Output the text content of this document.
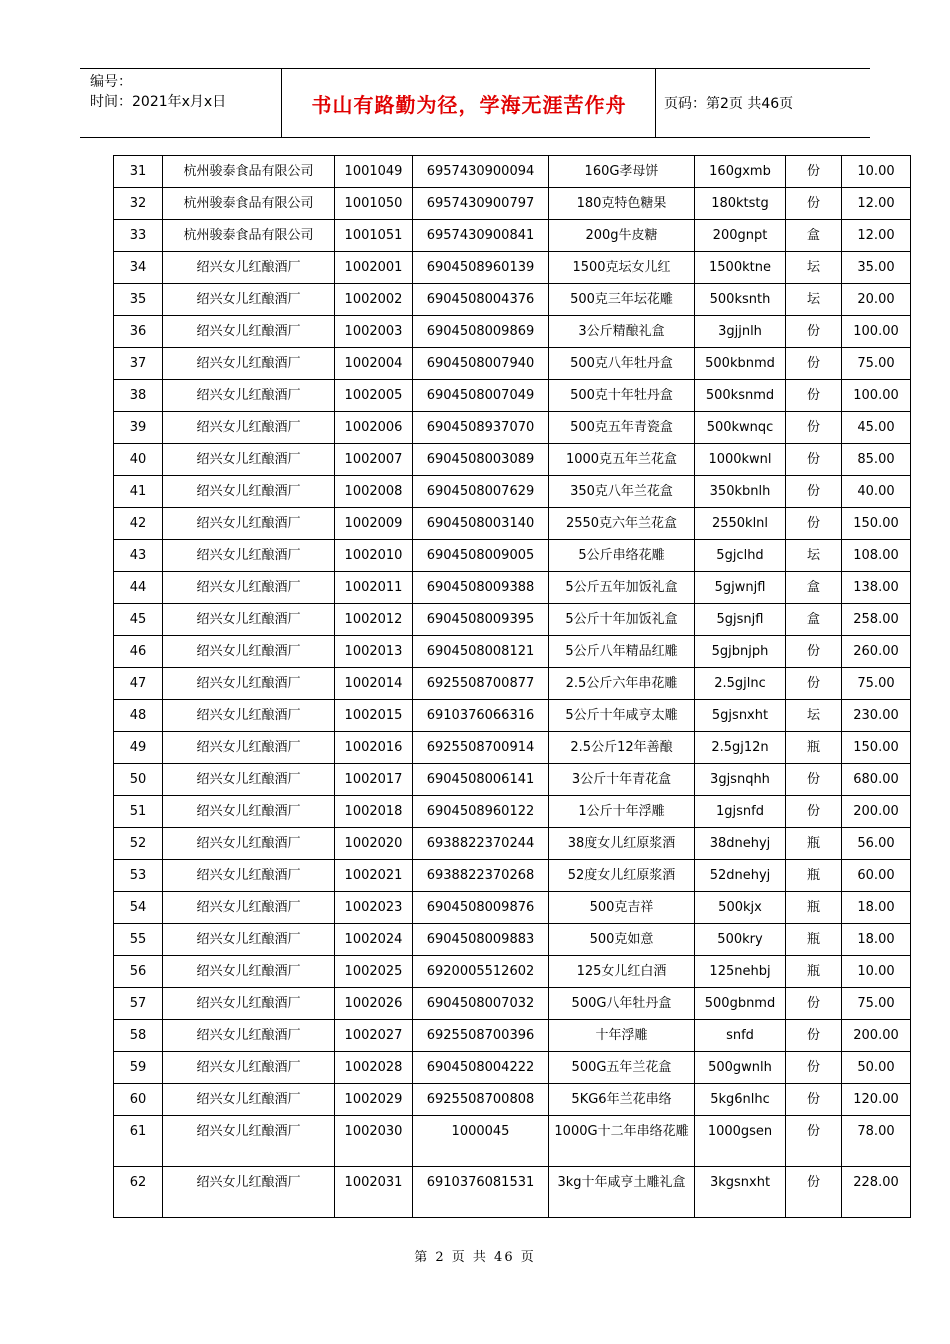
编号：
时间：2021年x月x日	书山有路勤为径，学海无涯苦作舟	页码：第2页 共46页
31	杭州骏泰食品有限公司	1001049	6957430900094	160G孝母饼	160gxmb	份	10.00
32	杭州骏泰食品有限公司	1001050	6957430900797	180克特色糖果	180ktstg	份	12.00
33	杭州骏泰食品有限公司	1001051	6957430900841	200g牛皮糖	200gnpt	盒	12.00
34	绍兴女儿红酿酒厂	1002001	6904508960139	1500克坛女儿红	1500ktne	坛	35.00
35	绍兴女儿红酿酒厂	1002002	6904508004376	500克三年坛花雕	500ksnth	坛	20.00
36	绍兴女儿红酿酒厂	1002003	6904508009869	3公斤精酿礼盒	3gjjnlh	份	100.00
37	绍兴女儿红酿酒厂	1002004	6904508007940	500克八年牡丹盒	500kbnmd	份	75.00
38	绍兴女儿红酿酒厂	1002005	6904508007049	500克十年牡丹盒	500ksnmd	份	100.00
39	绍兴女儿红酿酒厂	1002006	6904508937070	500克五年青瓷盒	500kwnqc	份	45.00
40	绍兴女儿红酿酒厂	1002007	6904508003089	1000克五年兰花盒	1000kwnl	份	85.00
41	绍兴女儿红酿酒厂	1002008	6904508007629	350克八年兰花盒	350kbnlh	份	40.00
42	绍兴女儿红酿酒厂	1002009	6904508003140	2550克六年兰花盒	2550klnl	份	150.00
43	绍兴女儿红酿酒厂	1002010	6904508009005	5公斤串络花雕	5gjclhd	坛	108.00
44	绍兴女儿红酿酒厂	1002011	6904508009388	5公斤五年加饭礼盒	5gjwnjfl	盒	138.00
45	绍兴女儿红酿酒厂	1002012	6904508009395	5公斤十年加饭礼盒	5gjsnjfl	盒	258.00
46	绍兴女儿红酿酒厂	1002013	6904508008121	5公斤八年精品红雕	5gjbnjph	份	260.00
47	绍兴女儿红酿酒厂	1002014	6925508700877	2.5公斤六年串花雕	2.5gjlnc	份	75.00
48	绍兴女儿红酿酒厂	1002015	6910376066316	5公斤十年咸亨太雕	5gjsnxht	坛	230.00
49	绍兴女儿红酿酒厂	1002016	6925508700914	2.5公斤12年善酿	2.5gj12n	瓶	150.00
50	绍兴女儿红酿酒厂	1002017	6904508006141	3公斤十年青花盒	3gjsnqhh	份	680.00
51	绍兴女儿红酿酒厂	1002018	6904508960122	1公斤十年浮雕	1gjsnfd	份	200.00
52	绍兴女儿红酿酒厂	1002020	6938822370244	38度女儿红原浆酒	38dnehyj	瓶	56.00
53	绍兴女儿红酿酒厂	1002021	6938822370268	52度女儿红原浆酒	52dnehyj	瓶	60.00
54	绍兴女儿红酿酒厂	1002023	6904508009876	500克吉祥	500kjx	瓶	18.00
55	绍兴女儿红酿酒厂	1002024	6904508009883	500克如意	500kry	瓶	18.00
56	绍兴女儿红酿酒厂	1002025	6920005512602	125女儿红白酒	125nehbj	瓶	10.00
57	绍兴女儿红酿酒厂	1002026	6904508007032	500G八年牡丹盒	500gbnmd	份	75.00
58	绍兴女儿红酿酒厂	1002027	6925508700396	十年浮雕	snfd	份	200.00
59	绍兴女儿红酿酒厂	1002028	6904508004222	500G五年兰花盒	500gwnlh	份	50.00
60	绍兴女儿红酿酒厂	1002029	6925508700808	5KG6年兰花串络	5kg6nlhc	份	120.00
61	绍兴女儿红酿酒厂	1002030	1000045	1000G十二年串络花雕	1000gsen	份	78.00
62	绍兴女儿红酿酒厂	1002031	6910376081531	3kg十年咸亨土雕礼盒	3kgsnxht	份	228.00
第 2 页 共 46 页
